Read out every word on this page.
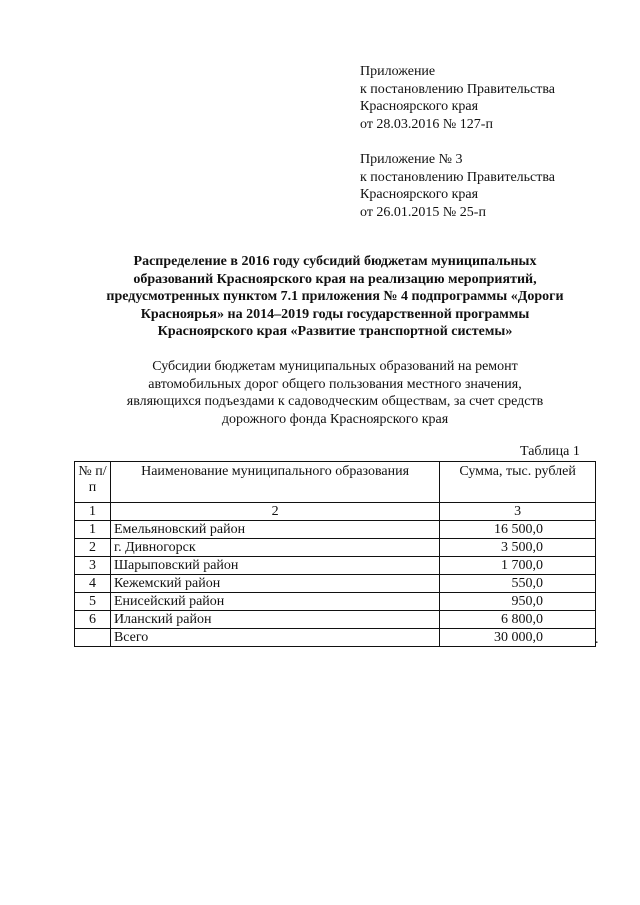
Приложение
к постановлению Правительства
Красноярского края
от 28.03.2016 № 127-п
Приложение № 3
к постановлению Правительства
Красноярского края
от 26.01.2015 № 25-п
Распределение в 2016 году субсидий бюджетам муниципальных
образований Красноярского края на реализацию мероприятий,
предусмотренных пунктом 7.1 приложения № 4 подпрограммы «Дороги
Красноярья» на 2014–2019 годы государственной программы
Красноярского края «Развитие транспортной системы»
Субсидии бюджетам муниципальных образований на ремонт
автомобильных дорог общего пользования местного значения,
являющихся подъездами к садоводческим обществам, за счет средств
дорожного фонда Красноярского края
Таблица 1
№ п/п	Наименование муниципального образования	Сумма, тыс. рублей
1	2	3
1	Емельяновский район	16 500,0
2	г. Дивногорск	3 500,0
3	Шарыповский район	1 700,0
4	Кежемский район	550,0
5	Енисейский район	950,0
6	Иланский район	6 800,0
	Всего	30 000,0	.
